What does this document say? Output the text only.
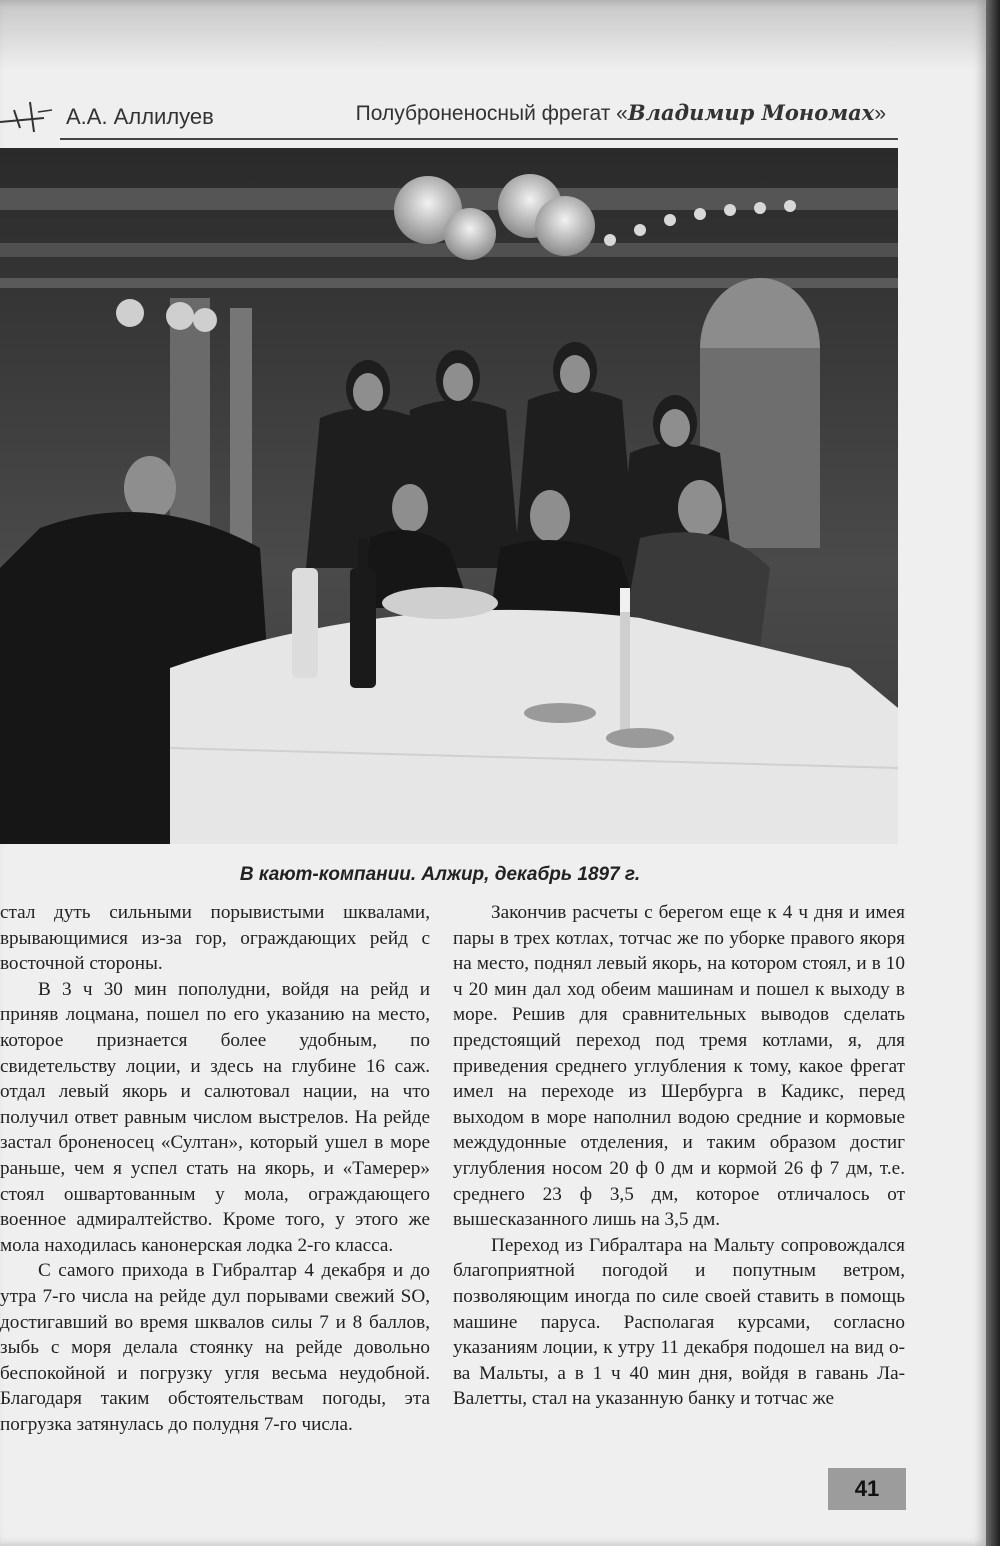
А.А. Аллилуев	Полуброненосный фрегат «Владимир Мономах»
В кают-компании. Алжир, декабрь 1897 г.

стал дуть сильными порывистыми шквалами, врывающимися из-за гор, ограждающих рейд с восточной стороны.

В 3 ч 30 мин пополудни, войдя на рейд и приняв лоцмана, пошел по его указанию на место, которое признается более удобным, по свидетельству лоции, и здесь на глубине 16 саж. отдал левый якорь и салютовал нации, на что получил ответ равным числом выстрелов. На рейде застал броненосец «Султан», который ушел в море раньше, чем я успел стать на якорь, и «Тамерер» стоял ошвартованным у мола, ограждающего военное адмиралтейство. Кроме того, у этого же мола находилась канонерская лодка 2-го класса.

С самого прихода в Гибралтар 4 декабря и до утра 7-го числа на рейде дул порывами свежий SO, достигавший во время шквалов силы 7 и 8 баллов, зыбь с моря делала стоянку на рейде довольно беспокойной и погрузку угля весьма неудобной. Благодаря таким обстоятельствам погоды, эта погрузка затянулась до полудня 7-го числа.

Закончив расчеты с берегом еще к 4 ч дня и имея пары в трех котлах, тотчас же по уборке правого якоря на место, поднял левый якорь, на котором стоял, и в 10 ч 20 мин дал ход обеим машинам и пошел к выходу в море. Решив для сравнительных выводов сделать предстоящий переход под тремя котлами, я, для приведения среднего углубления к тому, какое фрегат имел на переходе из Шербурга в Кадикс, перед выходом в море наполнил водою средние и кормовые междудонные отделения, и таким образом достиг углубления носом 20 ф 0 дм и кормой 26 ф 7 дм, т.е. среднего 23 ф 3,5 дм, которое отличалось от вышесказанного лишь на 3,5 дм.

Переход из Гибралтара на Мальту сопровождался благоприятной погодой и попутным ветром, позволяющим иногда по силе своей ставить в помощь машине паруса. Располагая курсами, согласно указаниям лоции, к утру 11 декабря подошел на вид о-ва Мальты, а в 1 ч 40 мин дня, войдя в гавань Ла-Валетты, стал на указанную банку и тотчас же

41
